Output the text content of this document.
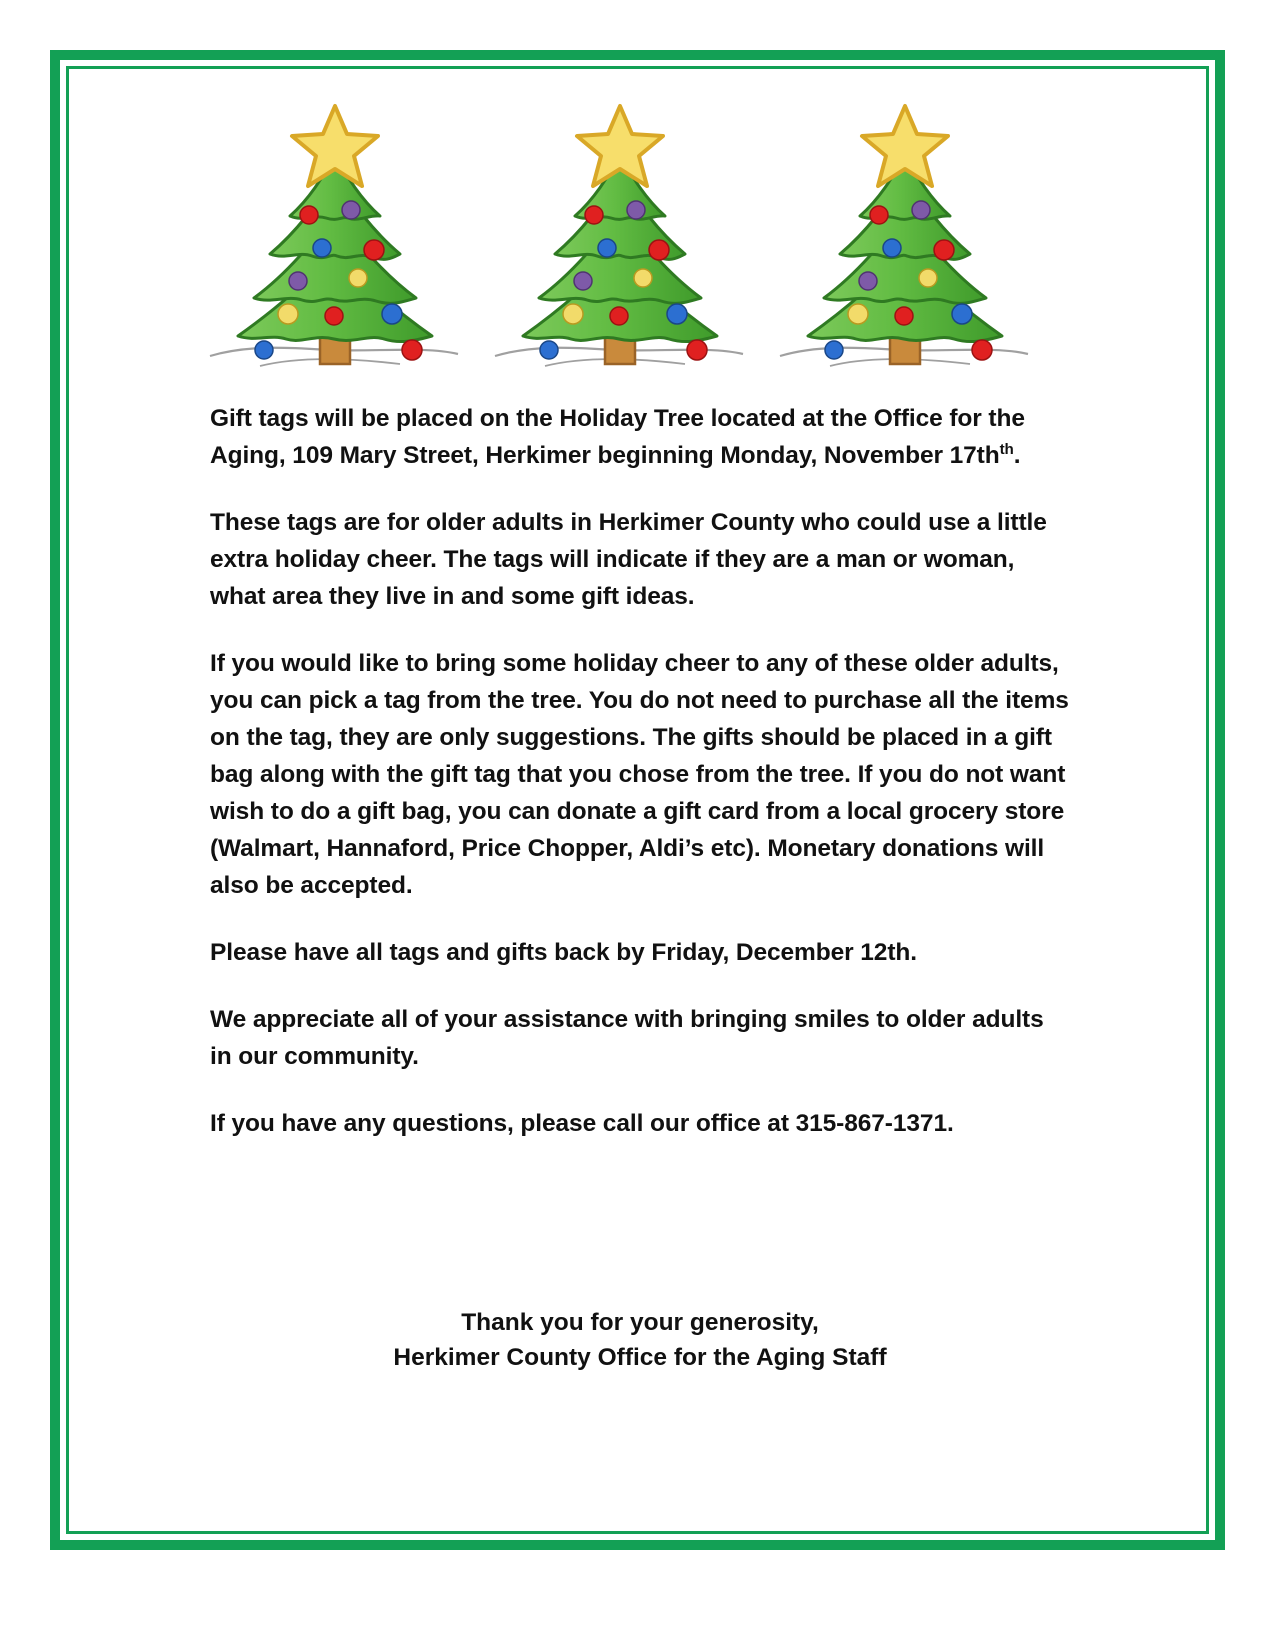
Gift tags will be placed on the Holiday Tree located at the Office for the Aging, 109 Mary Street, Herkimer beginning Monday, November $17th^{th}$.

These tags are for older adults in Herkimer County who could use a little extra holiday cheer. The tags will indicate if they are a man or woman, what area they live in and some gift ideas.

If you would like to bring some holiday cheer to any of these older adults, you can pick a tag from the tree. You do not need to purchase all the items on the tag, they are only suggestions. The gifts should be placed in a gift bag along with the gift tag that you chose from the tree. If you do not want wish to do a gift bag, you can donate a gift card from a local grocery store (Walmart, Hannaford, Price Chopper, Aldi’s etc). Monetary donations will also be accepted.

Please have all tags and gifts back by Friday, December 12th.

We appreciate all of your assistance with bringing smiles to older adults in our community.

If you have any questions, please call our office at 315-867-1371.

Thank you for your generosity,
Herkimer County Office for the Aging Staff
